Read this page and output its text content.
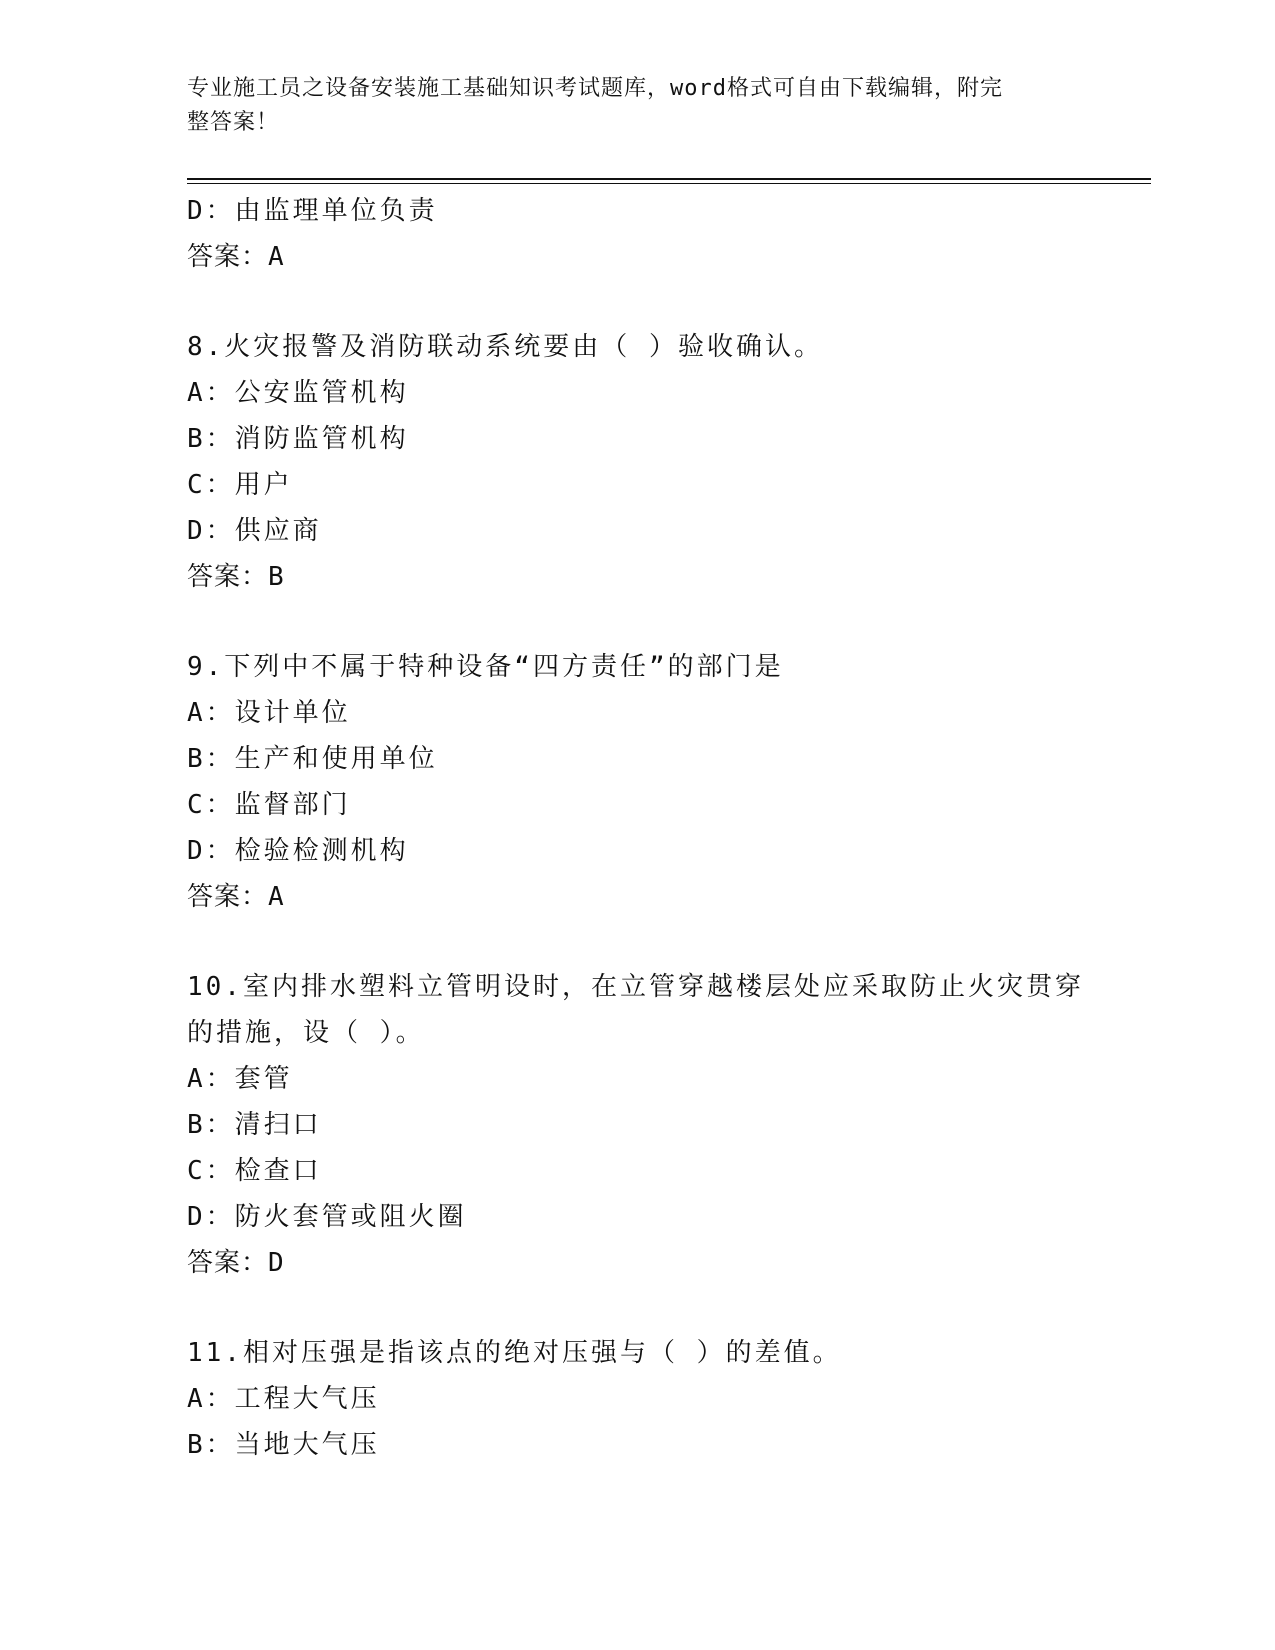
专业施工员之设备安装施工基础知识考试题库，word格式可自由下载编辑，附完
整答案！
D：由监理单位负责
答案：A
8.火灾报警及消防联动系统要由（ ）验收确认。
A：公安监管机构
B：消防监管机构
C：用户
D：供应商
答案：B
9.下列中不属于特种设备“四方责任”的部门是
A：设计单位
B：生产和使用单位
C：监督部门
D：检验检测机构
答案：A
10.室内排水塑料立管明设时，在立管穿越楼层处应采取防止火灾贯穿
的措施，设（ ）。
A：套管
B：清扫口
C：检查口
D：防火套管或阻火圈
答案：D
11.相对压强是指该点的绝对压强与（ ）的差值。
A：工程大气压
B：当地大气压
